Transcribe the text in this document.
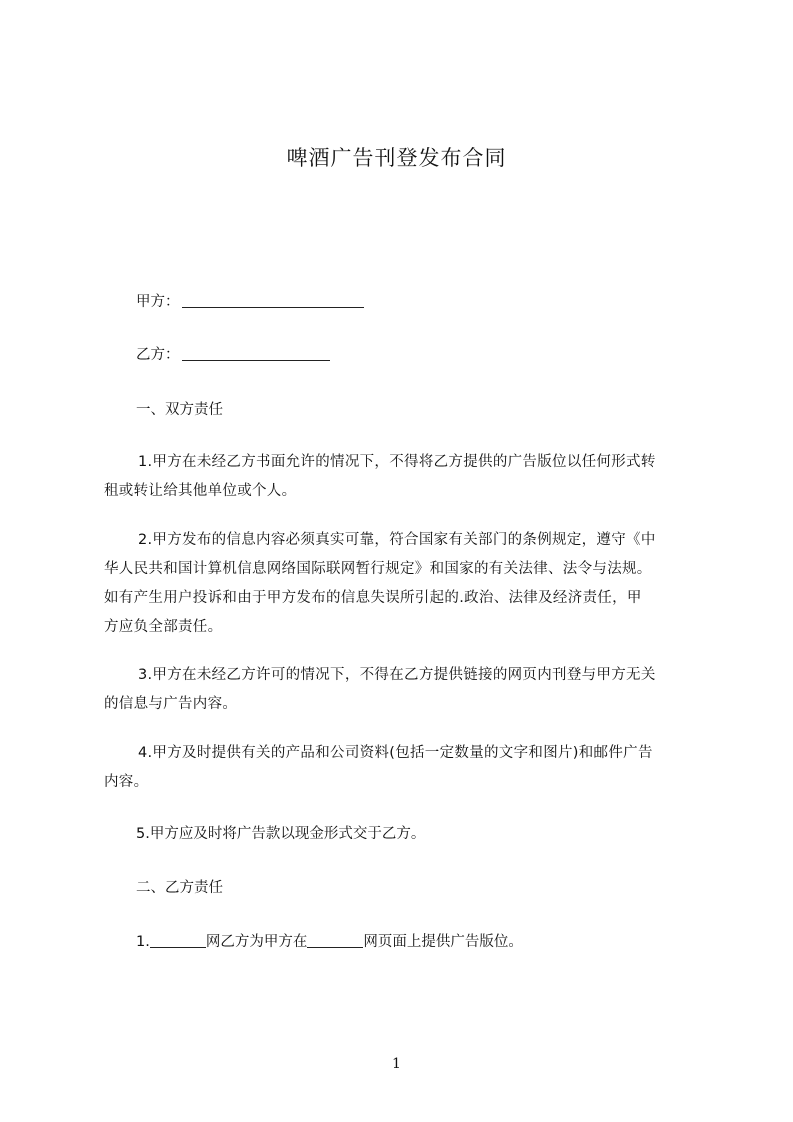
啤酒广告刊登发布合同
甲方：
乙方：
一、双方责任
1.甲方在未经乙方书面允许的情况下，不得将乙方提供的广告版位以任何形式转
租或转让给其他单位或个人。
2.甲方发布的信息内容必须真实可靠，符合国家有关部门的条例规定，遵守《中
华人民共和国计算机信息网络国际联网暂行规定》和国家的有关法律、法令与法规。
如有产生用户投诉和由于甲方发布的信息失误所引起的.政治、法律及经济责任，甲
方应负全部责任。
3.甲方在未经乙方许可的情况下，不得在乙方提供链接的网页内刊登与甲方无关
的信息与广告内容。
4.甲方及时提供有关的产品和公司资料(包括一定数量的文字和图片)和邮件广告
内容。
5.甲方应及时将广告款以现金形式交于乙方。
二、乙方责任
1.	网乙方为甲方在	网页面上提供广告版位。
1
